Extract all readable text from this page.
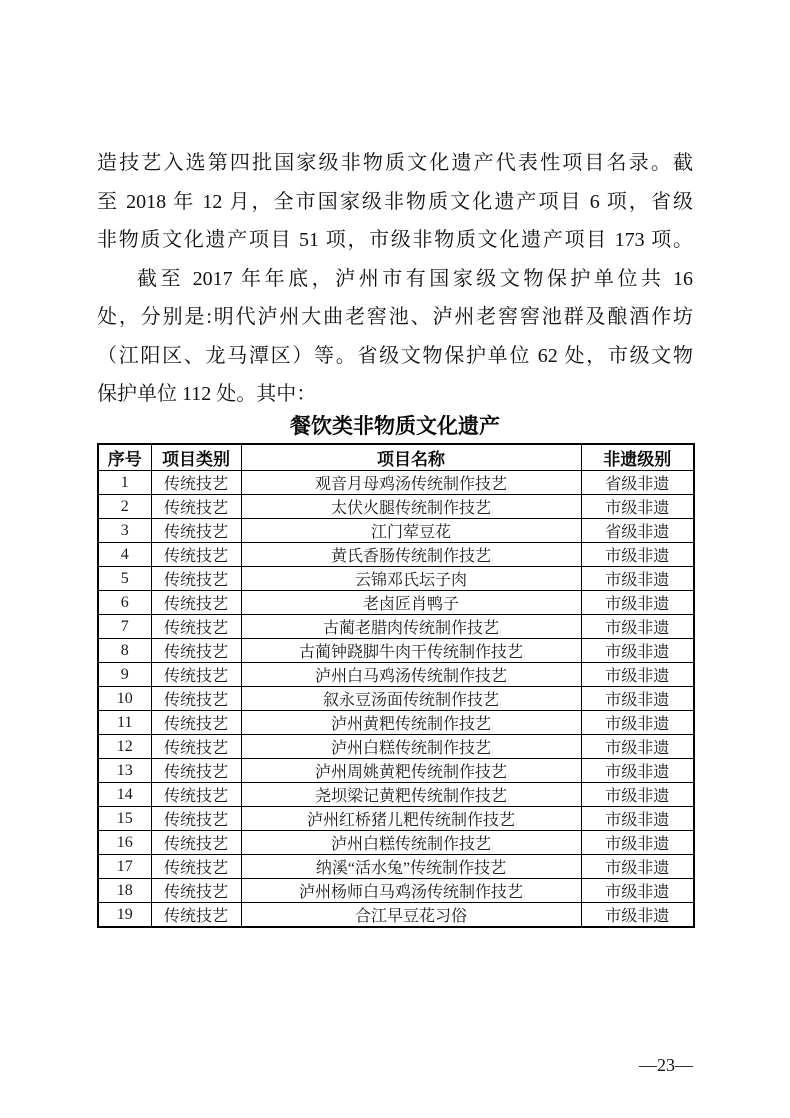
造技艺入选第四批国家级非物质文化遗产代表性项目名录。截
至 2018 年 12 月，全市国家级非物质文化遗产项目 6 项，省级
非物质文化遗产项目 51 项，市级非物质文化遗产项目 173 项。
截至 2017 年年底，泸州市有国家级文物保护单位共 16
处，分别是:明代泸州大曲老窖池、泸州老窖窖池群及酿酒作坊
（江阳区、龙马潭区）等。省级文物保护单位 62 处，市级文物
保护单位 112 处。其中：
餐饮类非物质文化遗产
序号	项目类别	项目名称	非遗级别
1	传统技艺	观音月母鸡汤传统制作技艺	省级非遗
2	传统技艺	太伏火腿传统制作技艺	市级非遗
3	传统技艺	江门荤豆花	省级非遗
4	传统技艺	黄氏香肠传统制作技艺	市级非遗
5	传统技艺	云锦邓氏坛子肉	市级非遗
6	传统技艺	老卤匠肖鸭子	市级非遗
7	传统技艺	古蔺老腊肉传统制作技艺	市级非遗
8	传统技艺	古蔺钟跷脚牛肉干传统制作技艺	市级非遗
9	传统技艺	泸州白马鸡汤传统制作技艺	市级非遗
10	传统技艺	叙永豆汤面传统制作技艺	市级非遗
11	传统技艺	泸州黄粑传统制作技艺	市级非遗
12	传统技艺	泸州白糕传统制作技艺	市级非遗
13	传统技艺	泸州周姚黄粑传统制作技艺	市级非遗
14	传统技艺	尧坝梁记黄粑传统制作技艺	市级非遗
15	传统技艺	泸州红桥猪儿粑传统制作技艺	市级非遗
16	传统技艺	泸州白糕传统制作技艺	市级非遗
17	传统技艺	纳溪“活水兔”传统制作技艺	市级非遗
18	传统技艺	泸州杨师白马鸡汤传统制作技艺	市级非遗
19	传统技艺	合江早豆花习俗	市级非遗
—23—
